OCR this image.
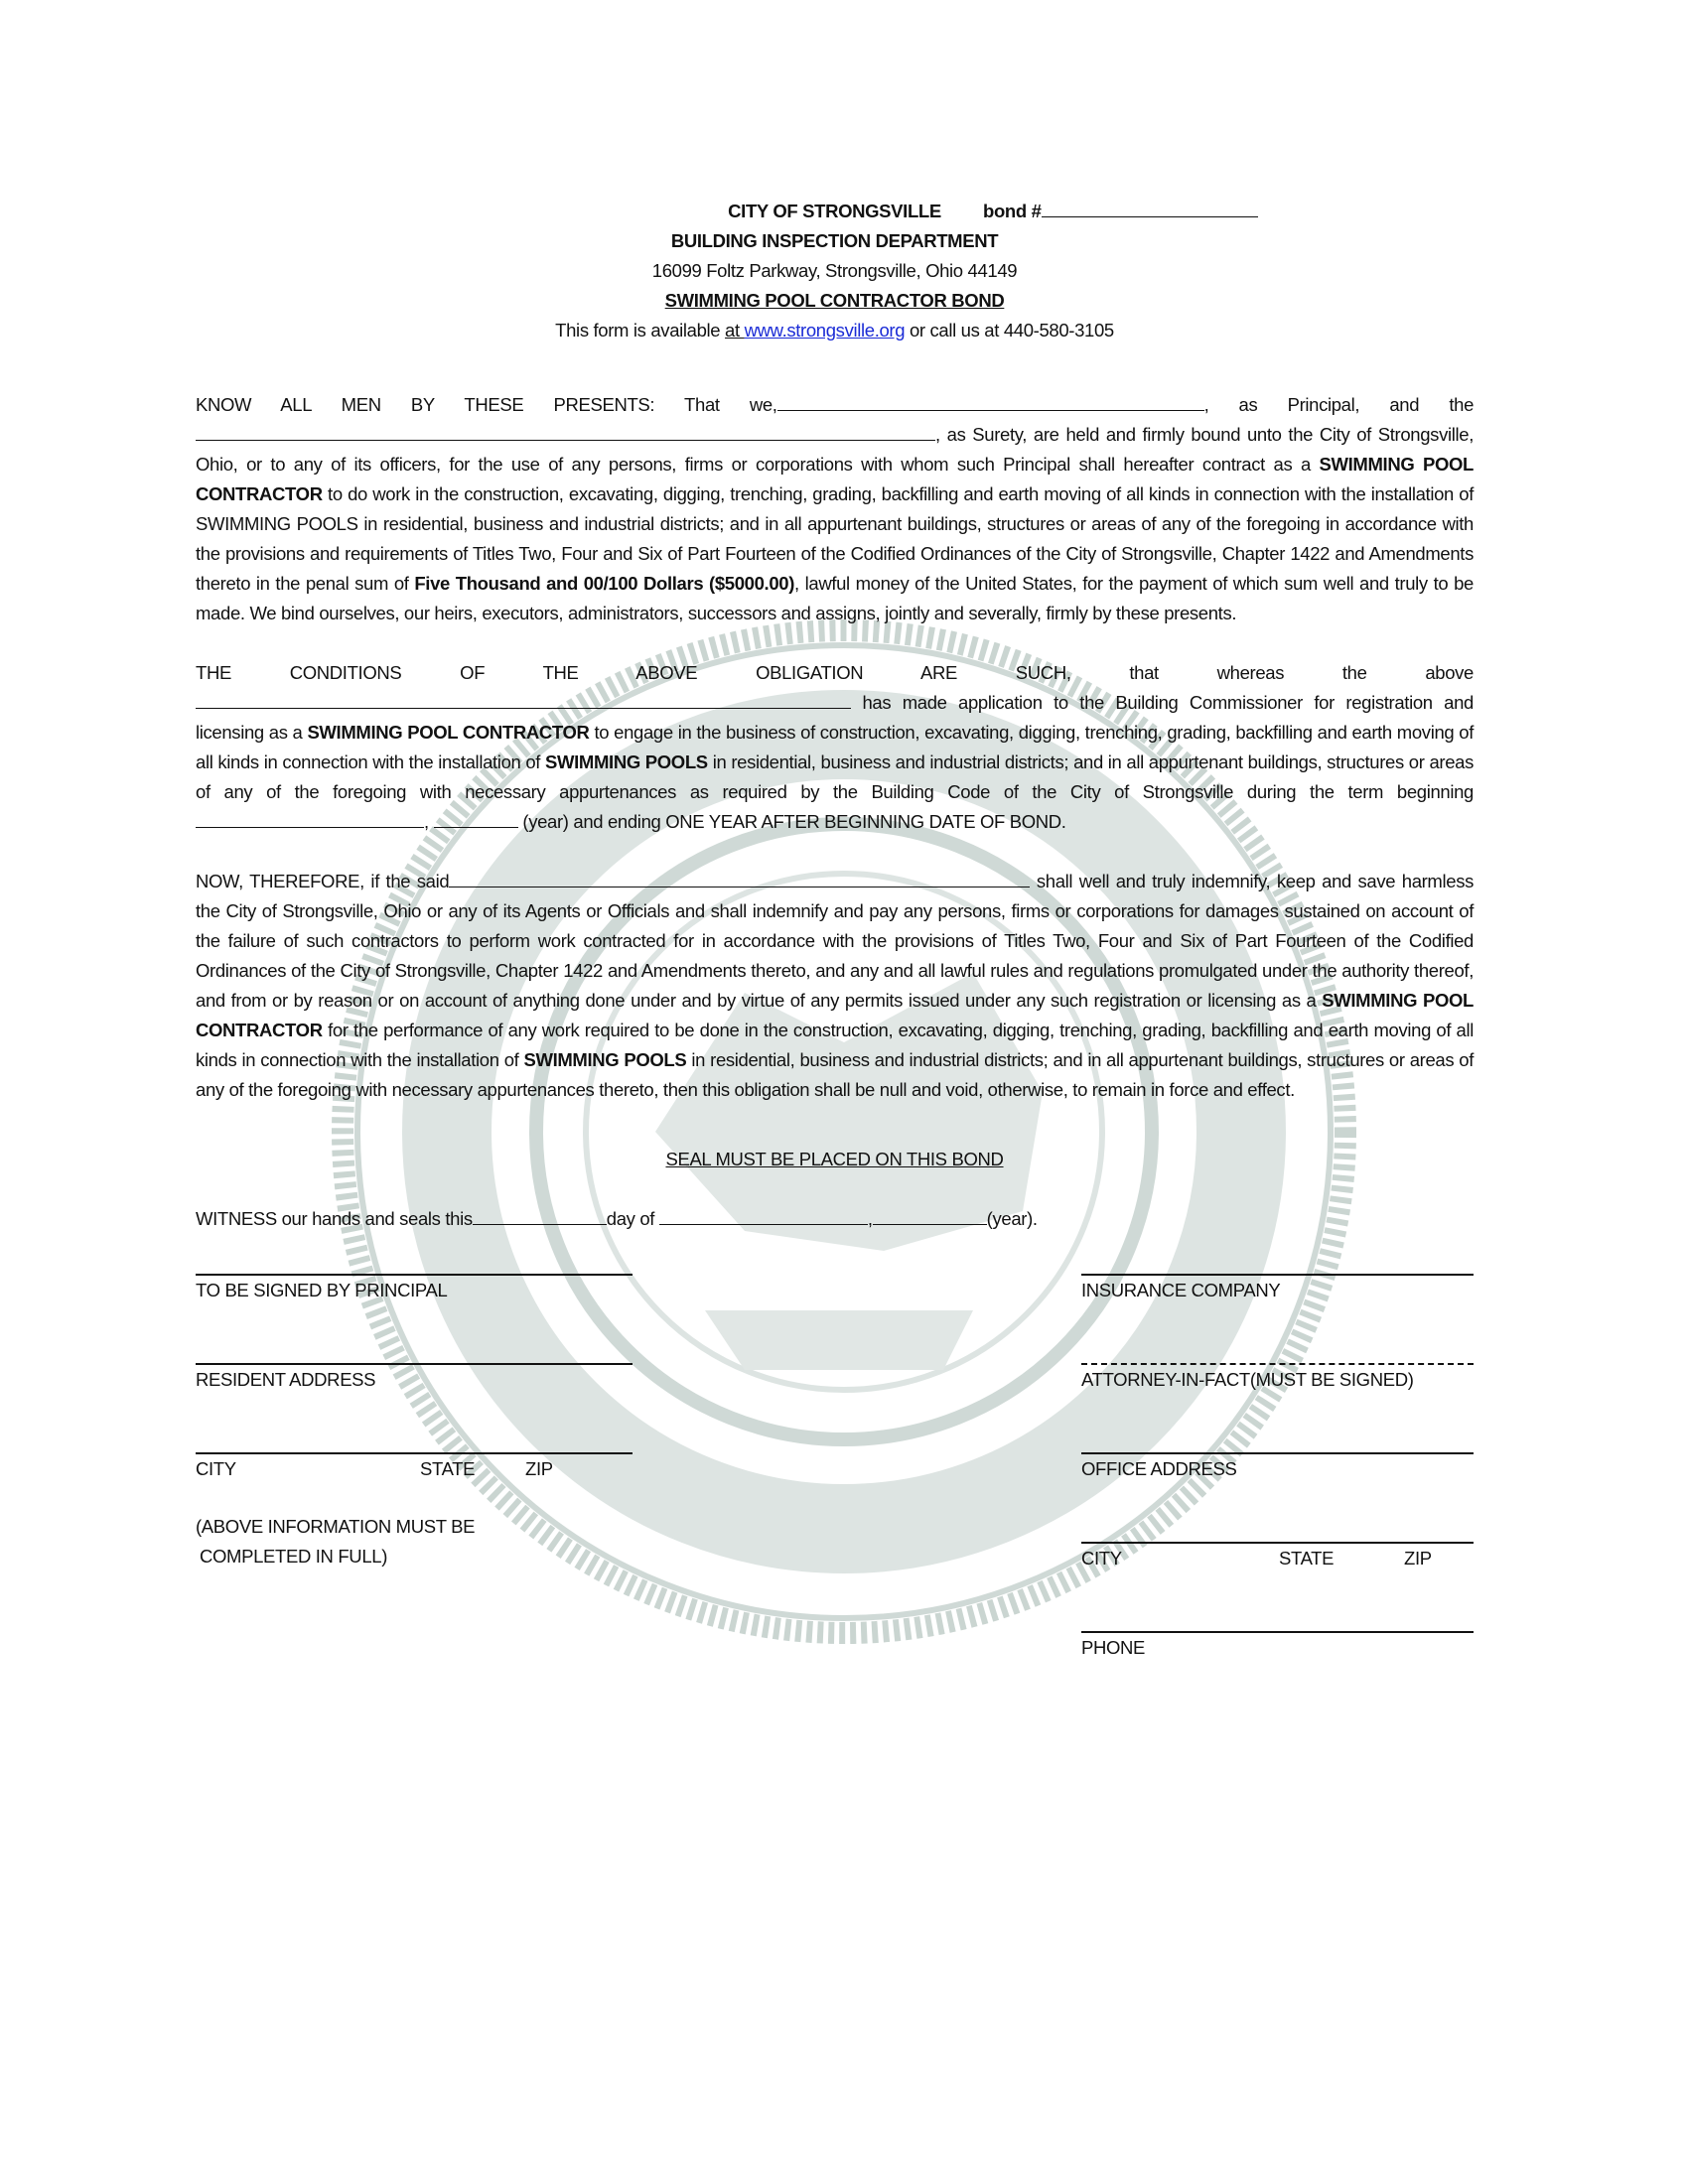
CITY OF STRONGSVILLE bond #
BUILDING INSPECTION DEPARTMENT
16099 Foltz Parkway, Strongsville, Ohio 44149
SWIMMING POOL CONTRACTOR BOND
This form is available at www.strongsville.org or call us at 440-580-3105
KNOW ALL MEN BY THESE PRESENTS: That we,	, as Principal, and the , as Surety, are held and firmly bound unto the City of Strongsville, Ohio, or to any of its officers, for the use of any persons, firms or corporations with whom such Principal shall hereafter contract as a SWIMMING POOL CONTRACTOR to do work in the construction, excavating, digging, trenching, grading, backfilling and earth moving of all kinds in connection with the installation of SWIMMING POOLS in residential, business and industrial districts; and in all appurtenant buildings, structures or areas of any of the foregoing in accordance with the provisions and requirements of Titles Two, Four and Six of Part Fourteen of the Codified Ordinances of the City of Strongsville, Chapter 1422 and Amendments thereto in the penal sum of Five Thousand and 00/100 Dollars ($5000.00), lawful money of the United States, for the payment of which sum well and truly to be made. We bind ourselves, our heirs, executors, administrators, successors and assigns, jointly and severally, firmly by these presents.
THE CONDITIONS OF THE ABOVE OBLIGATION ARE SUCH, that whereas the above  has made application to the Building Commissioner for registration and licensing as a SWIMMING POOL CONTRACTOR to engage in the business of construction, excavating, digging, trenching, grading, backfilling and earth moving of all kinds in connection with the installation of SWIMMING POOLS in residential, business and industrial districts; and in all appurtenant buildings, structures or areas of any of the foregoing with necessary appurtenances as required by the Building Code of the City of Strongsville during the term beginning,	(year) and ending ONE YEAR AFTER BEGINNING DATE OF BOND.
NOW, THEREFORE, if the said	shall well and truly indemnify, keep and save harmless the City of Strongsville, Ohio or any of its Agents or Officials and shall indemnify and pay any persons, firms or corporations for damages sustained on account of the failure of such contractors to perform work contracted for in accordance with the provisions of Titles Two, Four and Six of Part Fourteen of the Codified Ordinances of the City of Strongsville, Chapter 1422 and Amendments thereto, and any and all lawful rules and regulations promulgated under the authority thereof, and from or by reason or on account of anything done under and by virtue of any permits issued under any such registration or licensing as a SWIMMING POOL CONTRACTOR for the performance of any work required to be done in the construction, excavating, digging, trenching, grading, backfilling and earth moving of all kinds in connection with the installation of SWIMMING POOLS in residential, business and industrial districts; and in all appurtenant buildings, structures or areas of any of the foregoing with necessary appurtenances thereto, then this obligation shall be null and void, otherwise, to remain in force and effect.
SEAL MUST BE PLACED ON THIS BOND
WITNESS our hands and seals this	day of	,	(year).
TO BE SIGNED BY PRINCIPAL
RESIDENT ADDRESS
CITY	STATE	ZIP
(ABOVE INFORMATION MUST BE
COMPLETED IN FULL)
INSURANCE COMPANY
ATTORNEY-IN-FACT(MUST BE SIGNED)
OFFICE ADDRESS
CITY	STATE	ZIP
PHONE
